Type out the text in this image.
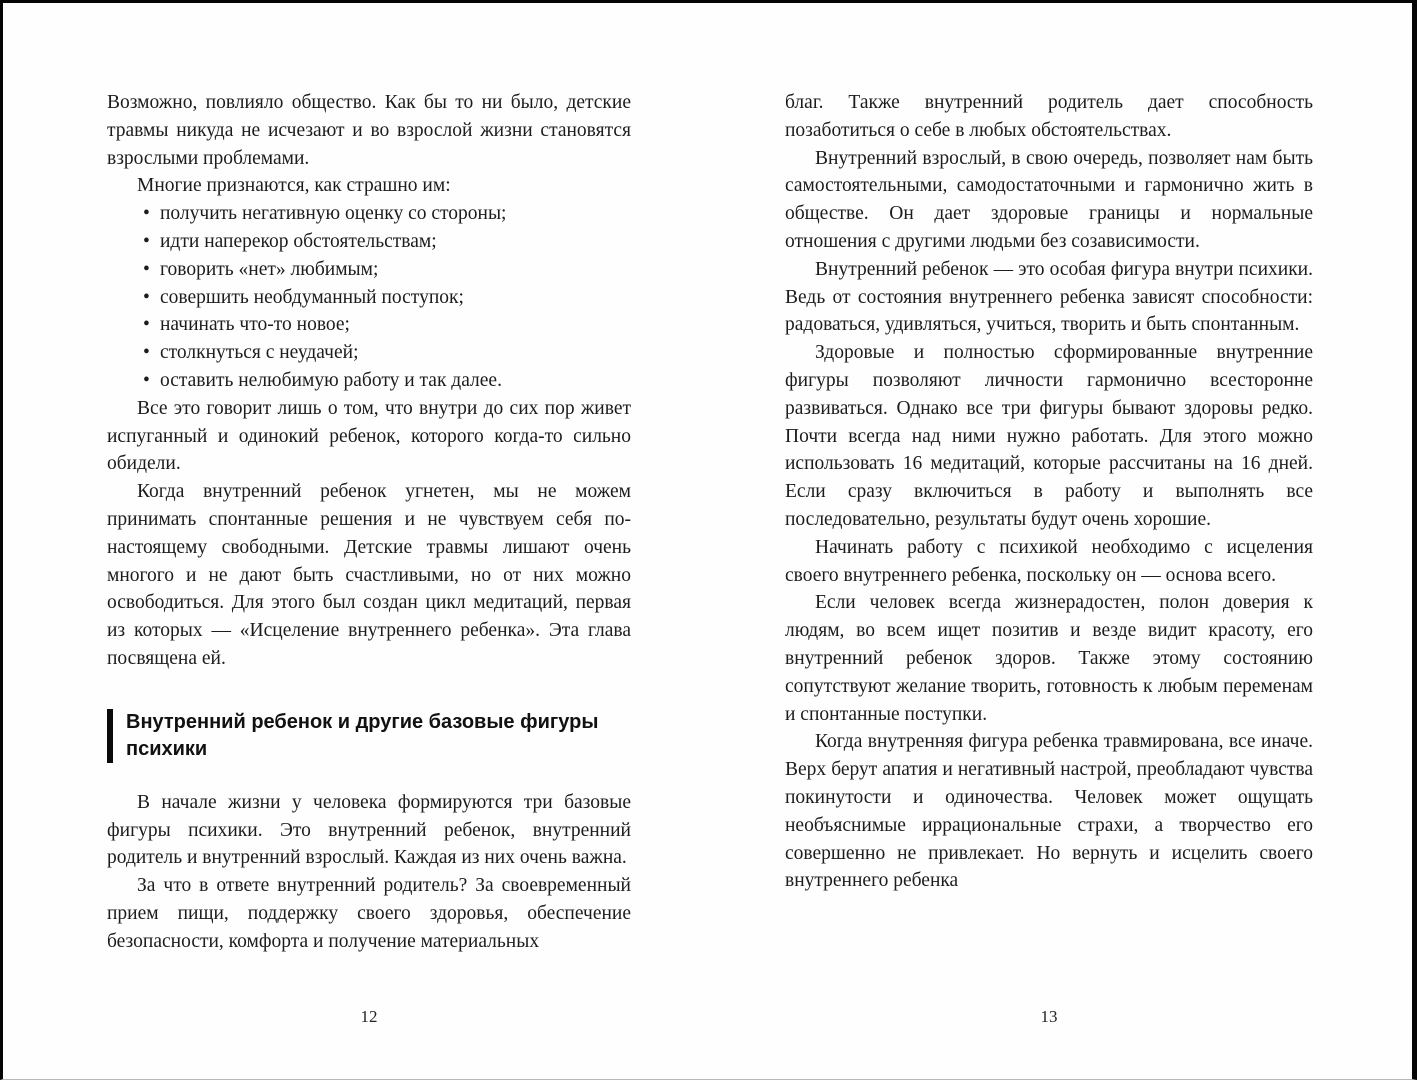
Возможно, повлияло общество. Как бы то ни было, детские травмы никуда не исчезают и во взрослой жизни становятся взрослыми проблемами.

Многие признаются, как страшно им:

• получить негативную оценку со стороны;
• идти наперекор обстоятельствам;
• говорить «нет» любимым;
• совершить необдуманный поступок;
• начинать что-то новое;
• столкнуться с неудачей;
• оставить нелюбимую работу и так далее.

Все это говорит лишь о том, что внутри до сих пор живет испуганный и одинокий ребенок, которого когда-то сильно обидели.

Когда внутренний ребенок угнетен, мы не можем принимать спонтанные решения и не чувствуем себя по-настоящему свободными. Детские травмы лишают очень многого и не дают быть счастливыми, но от них можно освободиться. Для этого был создан цикл медитаций, первая из которых — «Исцеление внутреннего ребенка». Эта глава посвящена ей.

Внутренний ребенок и другие базовые фигуры психики

В начале жизни у человека формируются три базовые фигуры психики. Это внутренний ребенок, внутренний родитель и внутренний взрослый. Каждая из них очень важна.

За что в ответе внутренний родитель? За своевременный прием пищи, поддержку своего здоровья, обеспечение безопасности, комфорта и получение материальных

благ. Также внутренний родитель дает способность позаботиться о себе в любых обстоятельствах.

Внутренний взрослый, в свою очередь, позволяет нам быть самостоятельными, самодостаточными и гармонично жить в обществе. Он дает здоровые границы и нормальные отношения с другими людьми без созависимости.

Внутренний ребенок — это особая фигура внутри психики. Ведь от состояния внутреннего ребенка зависят способности: радоваться, удивляться, учиться, творить и быть спонтанным.

Здоровые и полностью сформированные внутренние фигуры позволяют личности гармонично всесторонне развиваться. Однако все три фигуры бывают здоровы редко. Почти всегда над ними нужно работать. Для этого можно использовать 16 медитаций, которые рассчитаны на 16 дней. Если сразу включиться в работу и выполнять все последовательно, результаты будут очень хорошие.

Начинать работу с психикой необходимо с исцеления своего внутреннего ребенка, поскольку он — основа всего.

Если человек всегда жизнерадостен, полон доверия к людям, во всем ищет позитив и везде видит красоту, его внутренний ребенок здоров. Также этому состоянию сопутствуют желание творить, готовность к любым переменам и спонтанные поступки.

Когда внутренняя фигура ребенка травмирована, все иначе. Верх берут апатия и негативный настрой, преобладают чувства покинутости и одиночества. Человек может ощущать необъяснимые иррациональные страхи, а творчество его совершенно не привлекает. Но вернуть и исцелить своего внутреннего ребенка

12	13
